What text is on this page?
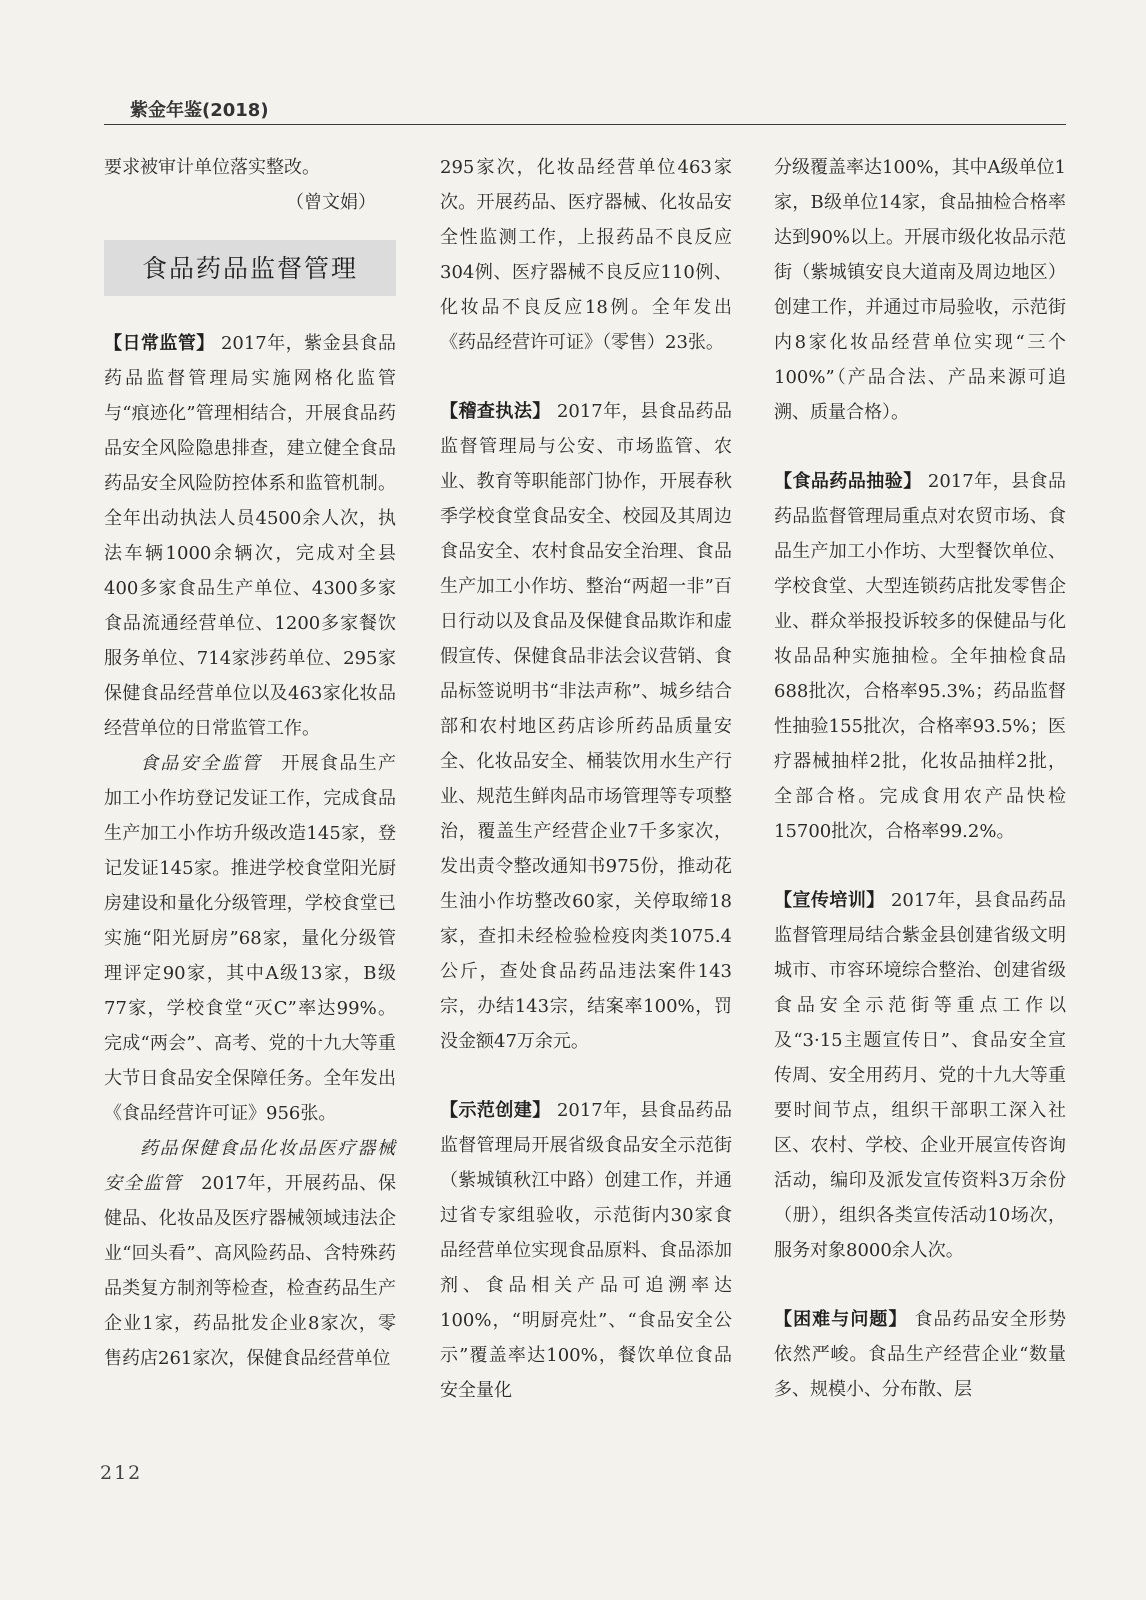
紫金年鉴(2018)

要求被审计单位落实整改。

（曾文娟）

食品药品监督管理

【日常监管】 2017年，紫金县食品药品监督管理局实施网格化监管与“痕迹化”管理相结合，开展食品药品安全风险隐患排查，建立健全食品药品安全风险防控体系和监管机制。全年出动执法人员4500余人次，执法车辆1000余辆次，完成对全县400多家食品生产单位、4300多家食品流通经营单位、1200多家餐饮服务单位、714家涉药单位、295家保健食品经营单位以及463家化妆品经营单位的日常监管工作。

食品安全监管　 开展食品生产加工小作坊登记发证工作，完成食品生产加工小作坊升级改造145家，登记发证145家。推进学校食堂阳光厨房建设和量化分级管理，学校食堂已实施“阳光厨房”68家，量化分级管理评定90家，其中A级13家，B级77家，学校食堂“灭C”率达99%。完成“两会”、高考、党的十九大等重大节日食品安全保障任务。全年发出《食品经营许可证》956张。

药品保健食品化妆品医疗器械安全监管　 2017年，开展药品、保健品、化妆品及医疗器械领域违法企业“回头看”、高风险药品、含特殊药品类复方制剂等检查，检查药品生产企业1家，药品批发企业8家次，零售药店261家次，保健食品经营单位

295家次，化妆品经营单位463家次。开展药品、医疗器械、化妆品安全性监测工作，上报药品不良反应304例、医疗器械不良反应110例、化妆品不良反应18例。全年发出《药品经营许可证》（零售）23张。

【稽查执法】 2017年，县食品药品监督管理局与公安、市场监管、农业、教育等职能部门协作，开展春秋季学校食堂食品安全、校园及其周边食品安全、农村食品安全治理、食品生产加工小作坊、整治“两超一非”百日行动以及食品及保健食品欺诈和虚假宣传、保健食品非法会议营销、食品标签说明书“非法声称”、城乡结合部和农村地区药店诊所药品质量安全、化妆品安全、桶装饮用水生产行业、规范生鲜肉品市场管理等专项整治，覆盖生产经营企业7千多家次，发出责令整改通知书975份，推动花生油小作坊整改60家，关停取缔18家，查扣未经检验检疫肉类1075.4公斤，查处食品药品违法案件143宗，办结143宗，结案率100%，罚没金额47万余元。

【示范创建】 2017年，县食品药品监督管理局开展省级食品安全示范街（紫城镇秋江中路）创建工作，并通过省专家组验收，示范街内30家食品经营单位实现食品原料、食品添加剂、食品相关产品可追溯率达100%，“明厨亮灶”、“食品安全公示”覆盖率达100%，餐饮单位食品安全量化

分级覆盖率达100%，其中A级单位1家，B级单位14家，食品抽检合格率达到90%以上。开展市级化妆品示范街（紫城镇安良大道南及周边地区）创建工作，并通过市局验收，示范街内8家化妆品经营单位实现“三个100%”（产品合法、产品来源可追溯、质量合格）。

【食品药品抽验】 2017年，县食品药品监督管理局重点对农贸市场、食品生产加工小作坊、大型餐饮单位、学校食堂、大型连锁药店批发零售企业、群众举报投诉较多的保健品与化妆品品种实施抽检。全年抽检食品688批次，合格率95.3%；药品监督性抽验155批次，合格率93.5%；医疗器械抽样2批，化妆品抽样2批，全部合格。完成食用农产品快检15700批次，合格率99.2%。

【宣传培训】 2017年，县食品药品监督管理局结合紫金县创建省级文明城市、市容环境综合整治、创建省级食品安全示范街等重点工作以及“3·15主题宣传日”、食品安全宣传周、安全用药月、党的十九大等重要时间节点，组织干部职工深入社区、农村、学校、企业开展宣传咨询活动，编印及派发宣传资料3万余份（册），组织各类宣传活动10场次，服务对象8000余人次。

【困难与问题】 食品药品安全形势依然严峻。食品生产经营企业“数量多、规模小、分布散、层

212
